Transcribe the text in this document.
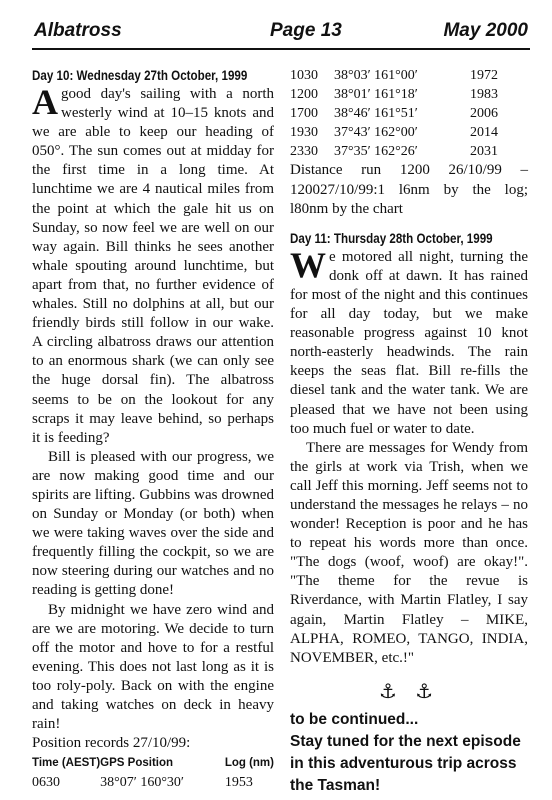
Albatross	Page 13	May 2000
Day 10: Wednesday 27th October, 1999

Agood day's sailing with a north westerly wind at 10–15 knots and we are able to keep our heading of 050°. The sun comes out at midday for the first time in a long time. At lunchtime we are 4 nautical miles from the point at which the gale hit us on Sunday, so now feel we are well on our way again. Bill thinks he sees another whale spouting around lunchtime, but apart from that, no further evidence of whales. Still no dolphins at all, but our friendly birds still follow in our wake. A circling albatross draws our attention to an enormous shark (we can only see the huge dorsal fin). The albatross seems to be on the lookout for any scraps it may leave behind, so perhaps it is feeding?

Bill is pleased with our progress, we are now making good time and our spirits are lifting. Gubbins was drowned on Sunday or Monday (or both) when we were taking waves over the side and frequently filling the cockpit, so we are now steering during our watches and no reading is getting done!

By midnight we have zero wind and are we are motoring. We decide to turn off the motor and hove to for a restful evening. This does not last long as it is too roly-poly. Back on with the engine and taking watches on deck in heavy rain!

Position records 27/10/99:

Time (AEST)	GPS Position	Log (nm)
0630	38°07′ 160°30′	1953
1030	38°03′ 161°00′	1972
1200	38°01′ 161°18′	1983
1700	38°46′ 161°51′	2006
1930	37°43′ 162°00′	2014
2330	37°35′ 162°26′	2031

Distance run 1200 26/10/99 – 120027/10/99:1 l6nm by the log; l80nm by the chart

Day 11: Thursday 28th October, 1999

We motored all night, turning the donk off at dawn. It has rained for most of the night and this continues for all day today, but we make reasonable progress against 10 knot north-easterly headwinds. The rain keeps the seas flat. Bill re-fills the diesel tank and the water tank. We are pleased that we have not been using too much fuel or water to date.

There are messages for Wendy from the girls at work via Trish, when we call Jeff this morning. Jeff seems not to understand the messages he relays – no wonder! Reception is poor and he has to repeat his words more than once. "The dogs (woof, woof) are okay!". "The theme for the revue is Riverdance, with Martin Flatley, I say again, Martin Flatley – MIKE, ALPHA, ROMEO, TANGO, INDIA, NOVEMBER, etc.!"

⚓ ⚓
to be continued...
Stay tuned for the next episode in this adventurous trip across the Tasman!
